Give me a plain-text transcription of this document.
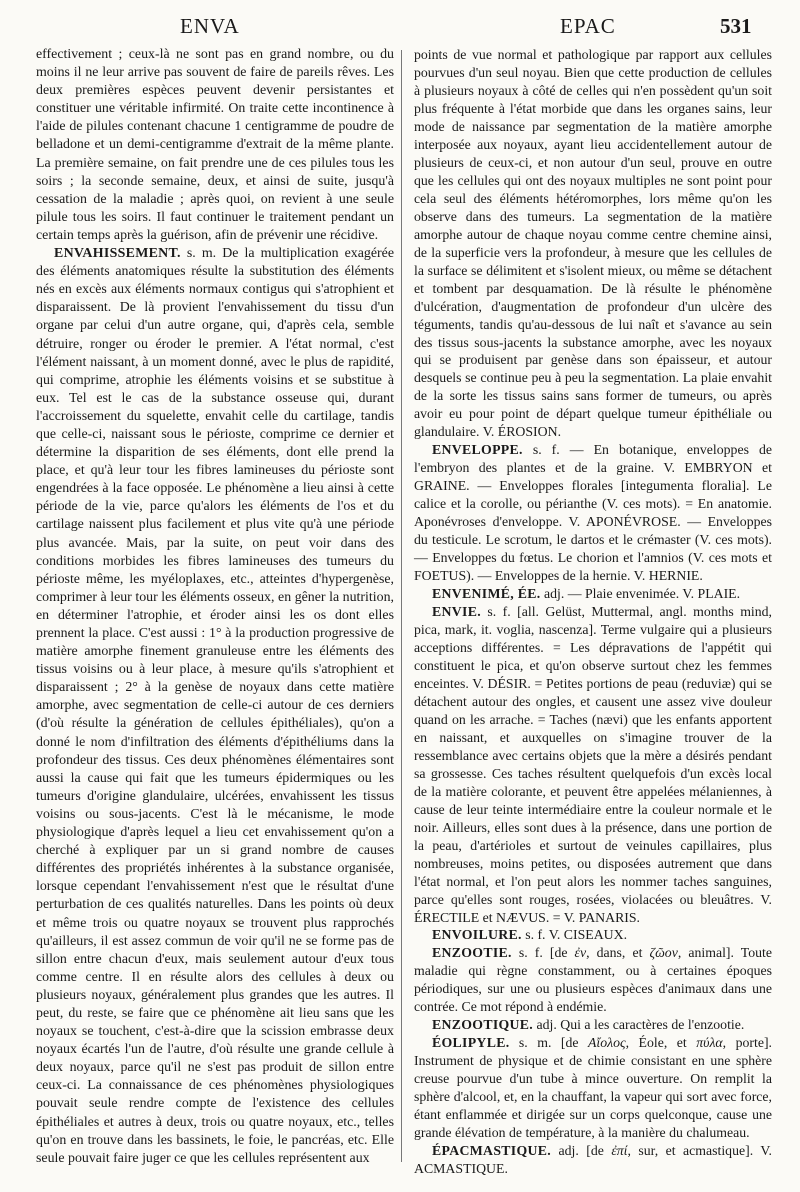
ENVA	EPAC	531

effectivement ; ceux-là ne sont pas en grand nombre, ou du moins il ne leur arrive pas souvent de faire de pareils rêves. Les deux premières espèces peuvent devenir persistantes et constituer une véritable infirmité. On traite cette incontinence à l'aide de pilules contenant chacune 1 centigramme de poudre de belladone et un demi-centigramme d'extrait de la même plante. La première semaine, on fait prendre une de ces pilules tous les soirs ; la seconde semaine, deux, et ainsi de suite, jusqu'à cessation de la maladie ; après quoi, on revient à une seule pilule tous les soirs. Il faut continuer le traitement pendant un certain temps après la guérison, afin de prévenir une récidive.

ENVAHISSEMENT. s. m. De la multiplication exagérée des éléments anatomiques résulte la substitution des éléments nés en excès aux éléments normaux contigus qui s'atrophient et disparaissent. De là provient l'envahissement du tissu d'un organe par celui d'un autre organe, qui, d'après cela, semble détruire, ronger ou éroder le premier. A l'état normal, c'est l'élément naissant, à un moment donné, avec le plus de rapidité, qui comprime, atrophie les éléments voisins et se substitue à eux. Tel est le cas de la substance osseuse qui, durant l'accroissement du squelette, envahit celle du cartilage, tandis que celle-ci, naissant sous le périoste, comprime ce dernier et détermine la disparition de ses éléments, dont elle prend la place, et qu'à leur tour les fibres lamineuses du périoste sont engendrées à la face opposée. Le phénomène a lieu ainsi à cette période de la vie, parce qu'alors les éléments de l'os et du cartilage naissent plus facilement et plus vite qu'à une période plus avancée. Mais, par la suite, on peut voir dans des conditions morbides les fibres lamineuses des tumeurs du périoste même, les myéloplaxes, etc., atteintes d'hypergenèse, comprimer à leur tour les éléments osseux, en gêner la nutrition, en déterminer l'atrophie, et éroder ainsi les os dont elles prennent la place. C'est aussi : 1° à la production progressive de matière amorphe finement granuleuse entre les éléments des tissus voisins ou à leur place, à mesure qu'ils s'atrophient et disparaissent ; 2° à la genèse de noyaux dans cette matière amorphe, avec segmentation de celle-ci autour de ces derniers (d'où résulte la génération de cellules épithéliales), qu'on a donné le nom d'infiltration des éléments d'épithéliums dans la profondeur des tissus. Ces deux phénomènes élémentaires sont aussi la cause qui fait que les tumeurs épidermiques ou les tumeurs d'origine glandulaire, ulcérées, envahissent les tissus voisins ou sous-jacents. C'est là le mécanisme, le mode physiologique d'après lequel a lieu cet envahissement qu'on a cherché à expliquer par un si grand nombre de causes différentes des propriétés inhérentes à la substance organisée, lorsque cependant l'envahissement n'est que le résultat d'une perturbation de ces qualités naturelles. Dans les points où deux et même trois ou quatre noyaux se trouvent plus rapprochés qu'ailleurs, il est assez commun de voir qu'il ne se forme pas de sillon entre chacun d'eux, mais seulement autour d'eux tous comme centre. Il en résulte alors des cellules à deux ou plusieurs noyaux, généralement plus grandes que les autres. Il peut, du reste, se faire que ce phénomène ait lieu sans que les noyaux se touchent, c'est-à-dire que la scission embrasse deux noyaux écartés l'un de l'autre, d'où résulte une grande cellule à deux noyaux, parce qu'il ne s'est pas produit de sillon entre ceux-ci. La connaissance de ces phénomènes physiologiques pouvait seule rendre compte de l'existence des cellules épithéliales et autres à deux, trois ou quatre noyaux, etc., telles qu'on en trouve dans les bassinets, le foie, le pancréas, etc. Elle seule pouvait faire juger ce que les cellules représentent aux

points de vue normal et pathologique par rapport aux cellules pourvues d'un seul noyau. Bien que cette production de cellules à plusieurs noyaux à côté de celles qui n'en possèdent qu'un soit plus fréquente à l'état morbide que dans les organes sains, leur mode de naissance par segmentation de la matière amorphe interposée aux noyaux, ayant lieu accidentellement autour de plusieurs de ceux-ci, et non autour d'un seul, prouve en outre que les cellules qui ont des noyaux multiples ne sont point pour cela seul des éléments hétéromorphes, lors même qu'on les observe dans des tumeurs. La segmentation de la matière amorphe autour de chaque noyau comme centre chemine ainsi, de la superficie vers la profondeur, à mesure que les cellules de la surface se délimitent et s'isolent mieux, ou même se détachent et tombent par desquamation. De là résulte le phénomène d'ulcération, d'augmentation de profondeur d'un ulcère des téguments, tandis qu'au-dessous de lui naît et s'avance au sein des tissus sous-jacents la substance amorphe, avec les noyaux qui se produisent par genèse dans son épaisseur, et autour desquels se continue peu à peu la segmentation. La plaie envahit de la sorte les tissus sains sans former de tumeurs, ou après avoir eu pour point de départ quelque tumeur épithéliale ou glandulaire. V. ÉROSION.

ENVELOPPE. s. f. — En botanique, enveloppes de l'embryon des plantes et de la graine. V. EMBRYON et GRAINE. — Enveloppes florales [integumenta floralia]. Le calice et la corolle, ou périanthe (V. ces mots). = En anatomie. Aponévroses d'enveloppe. V. APONÉVROSE. — Enveloppes du testicule. Le scrotum, le dartos et le crémaster (V. ces mots). — Enveloppes du fœtus. Le chorion et l'amnios (V. ces mots et FOETUS). — Enveloppes de la hernie. V. HERNIE.

ENVENIMÉ, ÉE. adj. — Plaie envenimée. V. PLAIE.

ENVIE. s. f. [all. Gelüst, Muttermal, angl. months mind, pica, mark, it. voglia, nascenza]. Terme vulgaire qui a plusieurs acceptions différentes. = Les dépravations de l'appétit qui constituent le pica, et qu'on observe surtout chez les femmes enceintes. V. DÉSIR. = Petites portions de peau (reduviæ) qui se détachent autour des ongles, et causent une assez vive douleur quand on les arrache. = Taches (nævi) que les enfants apportent en naissant, et auxquelles on s'imagine trouver de la ressemblance avec certains objets que la mère a désirés pendant sa grossesse. Ces taches résultent quelquefois d'un excès local de la matière colorante, et peuvent être appelées mélaniennes, à cause de leur teinte intermédiaire entre la couleur normale et le noir. Ailleurs, elles sont dues à la présence, dans une portion de la peau, d'artérioles et surtout de veinules capillaires, plus nombreuses, moins petites, ou disposées autrement que dans l'état normal, et l'on peut alors les nommer taches sanguines, parce qu'elles sont rouges, rosées, violacées ou bleuâtres. V. ÉRECTILE et NÆVUS. = V. PANARIS.

ENVOILURE. s. f. V. CISEAUX.

ENZOOTIE. s. f. [de ἐν, dans, et ζῶον, animal]. Toute maladie qui règne constamment, ou à certaines époques périodiques, sur une ou plusieurs espèces d'animaux dans une contrée. Ce mot répond à endémie.

ENZOOTIQUE. adj. Qui a les caractères de l'enzootie.

ÉOLIPYLE. s. m. [de Αἴολος, Éole, et πύλα, porte]. Instrument de physique et de chimie consistant en une sphère creuse pourvue d'un tube à mince ouverture. On remplit la sphère d'alcool, et, en la chauffant, la vapeur qui sort avec force, étant enflammée et dirigée sur un corps quelconque, cause une grande élévation de température, à la manière du chalumeau.

ÉPACMASTIQUE. adj. [de ἐπί, sur, et acmastique]. V. ACMASTIQUE.
